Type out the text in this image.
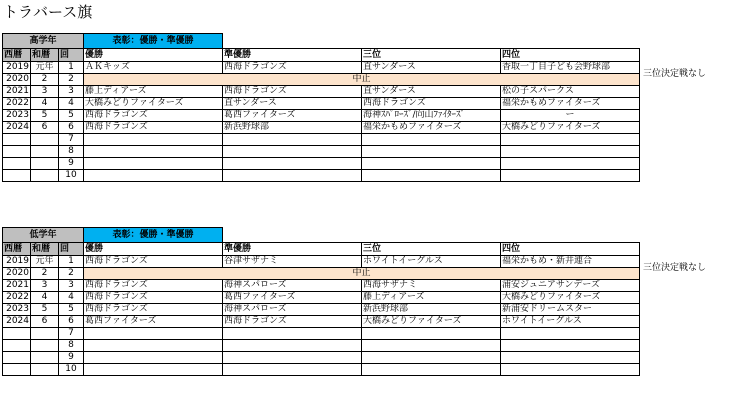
トラバース旗
高学年	表彰：優勝・準優勝
西暦	和暦	回	優勝	準優勝	三位	四位
2019	元年	1	ＡＫキッズ	西海ドラゴンズ	直サンダース	香取一丁目子ども会野球部
2020	2	2	中止			
2021	3	3	藤上ディアーズ	西海ドラゴンズ	直サンダース	松の子スパークス
2022	4	4	大橋みどりファイターズ	直サンダース	西海ドラゴンズ	福栄かもめファイターズ
2023	5	5	西海ドラゴンズ	葛西ファイターズ	海神ｽﾊﾟﾛｰｽﾞ/向山ﾌｧｲﾀｰｽﾞ	ー
2024	6	6	西海ドラゴンズ	新浜野球部	福栄かもめファイターズ	大橋みどりファイターズ
		7				
		8				
		9				
		10				
三位決定戦なし
低学年	表彰：優勝・準優勝
西暦	和暦	回	優勝	準優勝	三位	四位
2019	元年	1	西海ドラゴンズ	谷津サザナミ	ホワイトイーグルス	福栄かもめ・新井連合
2020	2	2	中止			
2021	3	3	西海ドラゴンズ	海神スパローズ	西海サザナミ	浦安ジュニアサンデーズ
2022	4	4	西海ドラゴンズ	葛西ファイターズ	藤上ディアーズ	大橋みどりファイターズ
2023	5	5	西海ドラゴンズ	海神スパローズ	新浜野球部	新浦安ドリームスター
2024	6	6	葛西ファイターズ	西海ドラゴンズ	大橋みどりファイターズ	ホワイトイーグルス
		7				
		8				
		9				
		10				
三位決定戦なし
